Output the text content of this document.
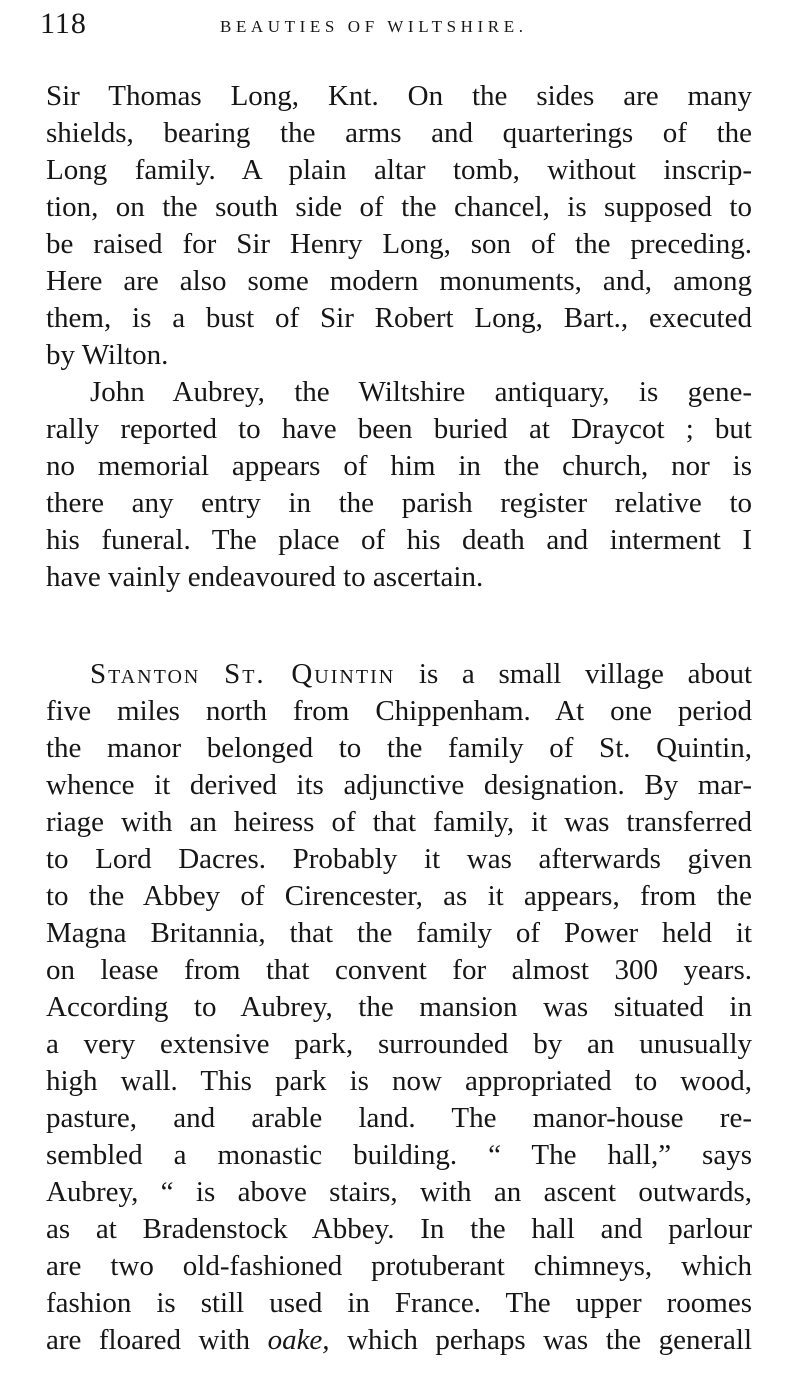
118	BEAUTIES OF WILTSHIRE.
Sir Thomas Long, Knt. On the sides are many
shields, bearing the arms and quarterings of the
Long family. A plain altar tomb, without inscrip-
tion, on the south side of the chancel, is supposed to
be raised for Sir Henry Long, son of the preceding.
Here are also some modern monuments, and, among
them, is a bust of Sir Robert Long, Bart., executed
by Wilton.
John Aubrey, the Wiltshire antiquary, is gene-
rally reported to have been buried at Draycot ; but
no memorial appears of him in the church, nor is
there any entry in the parish register relative to
his funeral. The place of his death and interment I
have vainly endeavoured to ascertain.
Stanton St. Quintin is a small village about
five miles north from Chippenham. At one period
the manor belonged to the family of St. Quintin,
whence it derived its adjunctive designation. By mar-
riage with an heiress of that family, it was transferred
to Lord Dacres. Probably it was afterwards given
to the Abbey of Cirencester, as it appears, from the
Magna Britannia, that the family of Power held it
on lease from that convent for almost 300 years.
According to Aubrey, the mansion was situated in
a very extensive park, surrounded by an unusually
high wall. This park is now appropriated to wood,
pasture, and arable land. The manor-house re-
sembled a monastic building. “ The hall,” says
Aubrey, “ is above stairs, with an ascent outwards,
as at Bradenstock Abbey. In the hall and parlour
are two old-fashioned protuberant chimneys, which
fashion is still used in France. The upper roomes
are floared with oake, which perhaps was the generall
